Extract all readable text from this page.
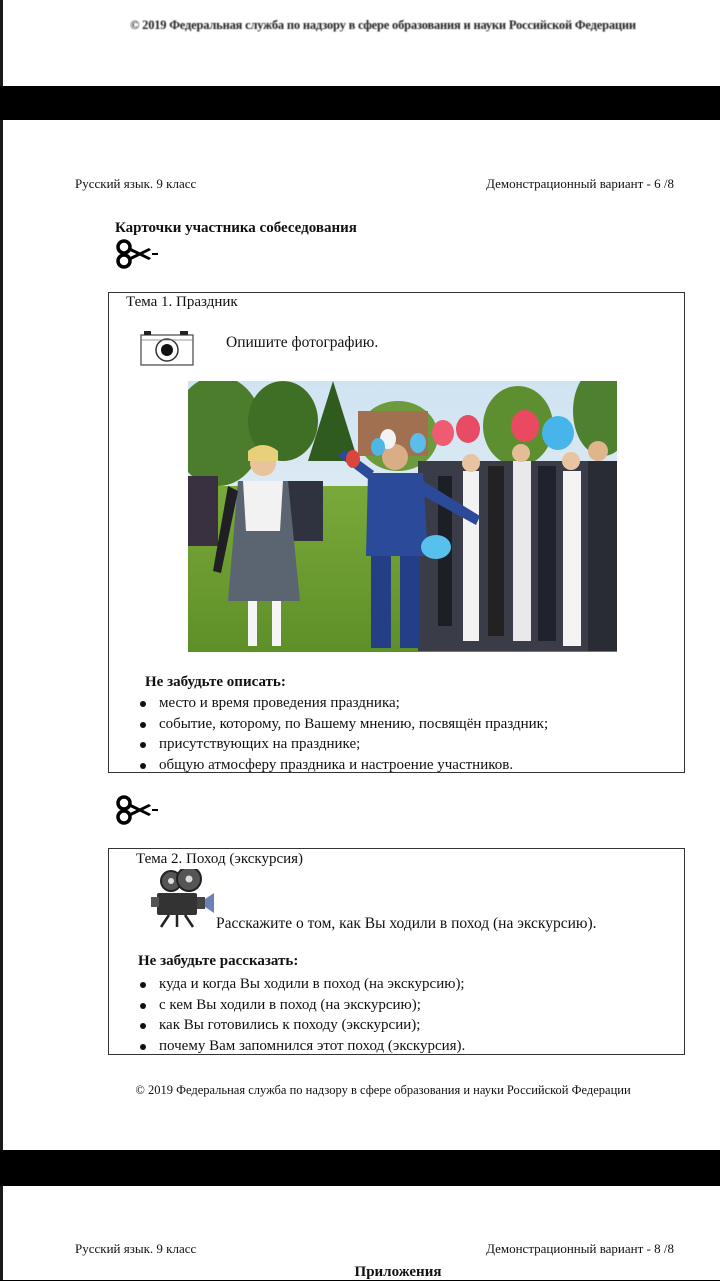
© 2019 Федеральная служба по надзору в сфере образования и науки Российской Федерации
Русский язык. 9 класс	Демонстрационный вариант - 6 /8
Карточки участника собеседования
Тема 1. Праздник
Опишите фотографию.
Не забудьте описать:
место и время проведения праздника;
событие, которому, по Вашему мнению, посвящён праздник;
присутствующих на празднике;
общую атмосферу праздника и настроение участников.
Тема 2. Поход (экскурсия)
Расскажите о том, как Вы ходили в поход (на экскурсию).
Не забудьте рассказать:
куда и когда Вы ходили в поход (на экскурсию);
с кем Вы ходили в поход (на экскурсию);
как Вы готовились к походу (экскурсии);
почему Вам запомнился этот поход (экскурсия).
© 2019 Федеральная служба по надзору в сфере образования и науки Российской Федерации
Русский язык. 9 класс	Демонстрационный вариант - 8 /8
Приложения
